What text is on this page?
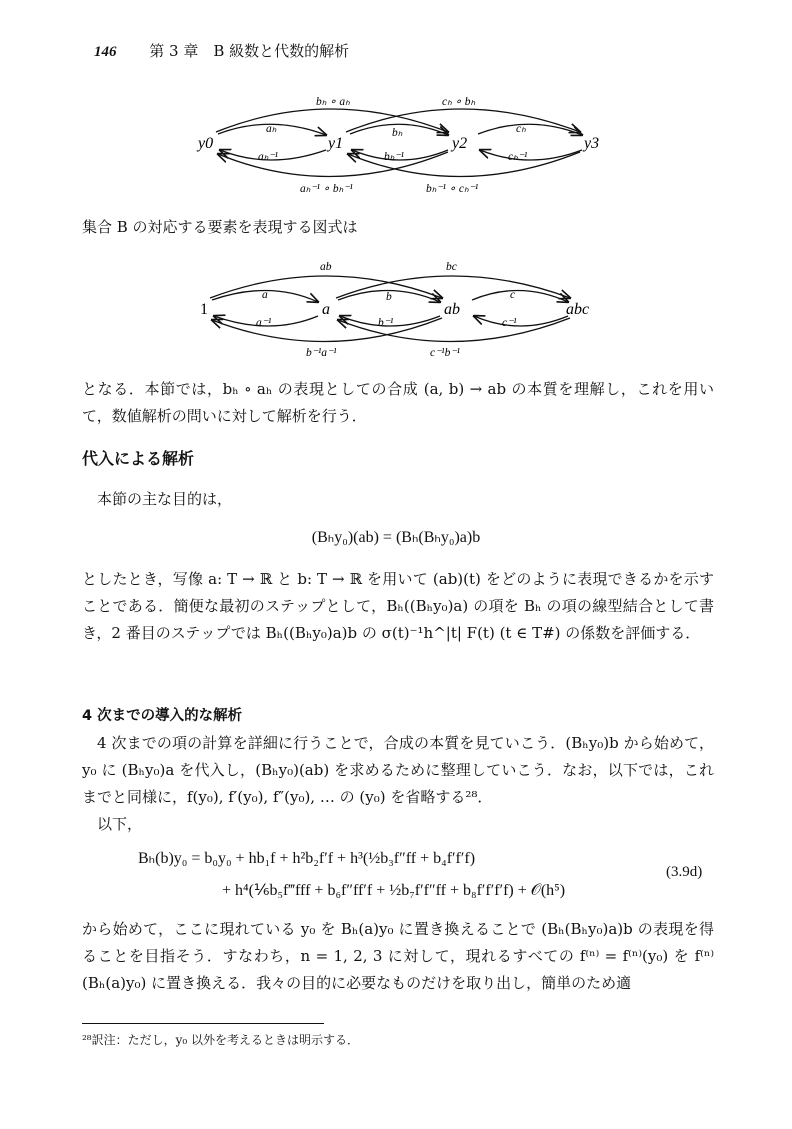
146 第 3 章　B 級数と代数的解析
y0	y1	y2	y3
aₕ
aₕ⁻¹
bₕ
bₕ⁻¹
cₕ
cₕ⁻¹
bₕ ∘ aₕ	cₕ ∘ bₕ
aₕ⁻¹ ∘ bₕ⁻¹	bₕ⁻¹ ∘ cₕ⁻¹

集合 B の対応する要素を表現する図式は

1	a	ab	abc
a
a⁻¹
b
b⁻¹
c
c⁻¹
ab	bc
b⁻¹a⁻¹	c⁻¹b⁻¹

となる．本節では，bₕ ∘ aₕ の表現としての合成 (a, b) → ab の本質を理解し，これを用いて，数値解析の問いに対して解析を行う．

代入による解析

本節の主な目的は，

(Bₕy₀)(ab) = (Bₕ(Bₕy₀)a)b

としたとき，写像 a: T → ℝ と b: T → ℝ を用いて (ab)(t) をどのように表現できるかを示すことである．簡便な最初のステップとして，Bₕ((Bₕy₀)a) の項を Bₕ の項の線型結合として書き，2 番目のステップでは Bₕ((Bₕy₀)a)b の σ(t)⁻¹h^|t| F(t) (t ∈ T#) の係数を評価する．

4 次までの導入的な解析

4 次までの項の計算を詳細に行うことで，合成の本質を見ていこう．(Bₕy₀)b から始めて，y₀ に (Bₕy₀)a を代入し，(Bₕy₀)(ab) を求めるために整理していこう．なお，以下では，これまでと同様に，f(y₀), f′(y₀), f″(y₀), … の (y₀) を省略する²⁸．

以下，

Bₕ(b)y₀ = b₀y₀ + hb₁f + h²b₂f′f + h³(½b₃f″ff + b₄f′f′f)
+ h⁴(⅙b₅f‴fff + b₆f″ff′f + ½b₇f′f″ff + b₈f′f′f′f) + 𝒪(h⁵)
(3.9d)

から始めて，ここに現れている y₀ を Bₕ(a)y₀ に置き換えることで (Bₕ(Bₕy₀)a)b の表現を得ることを目指そう．すなわち，n = 1, 2, 3 に対して，現れるすべての f⁽ⁿ⁾ = f⁽ⁿ⁾(y₀) を f⁽ⁿ⁾(Bₕ(a)y₀) に置き換える．我々の目的に必要なものだけを取り出し，簡単のため適

²⁸訳注：ただし，y₀ 以外を考えるときは明示する．
